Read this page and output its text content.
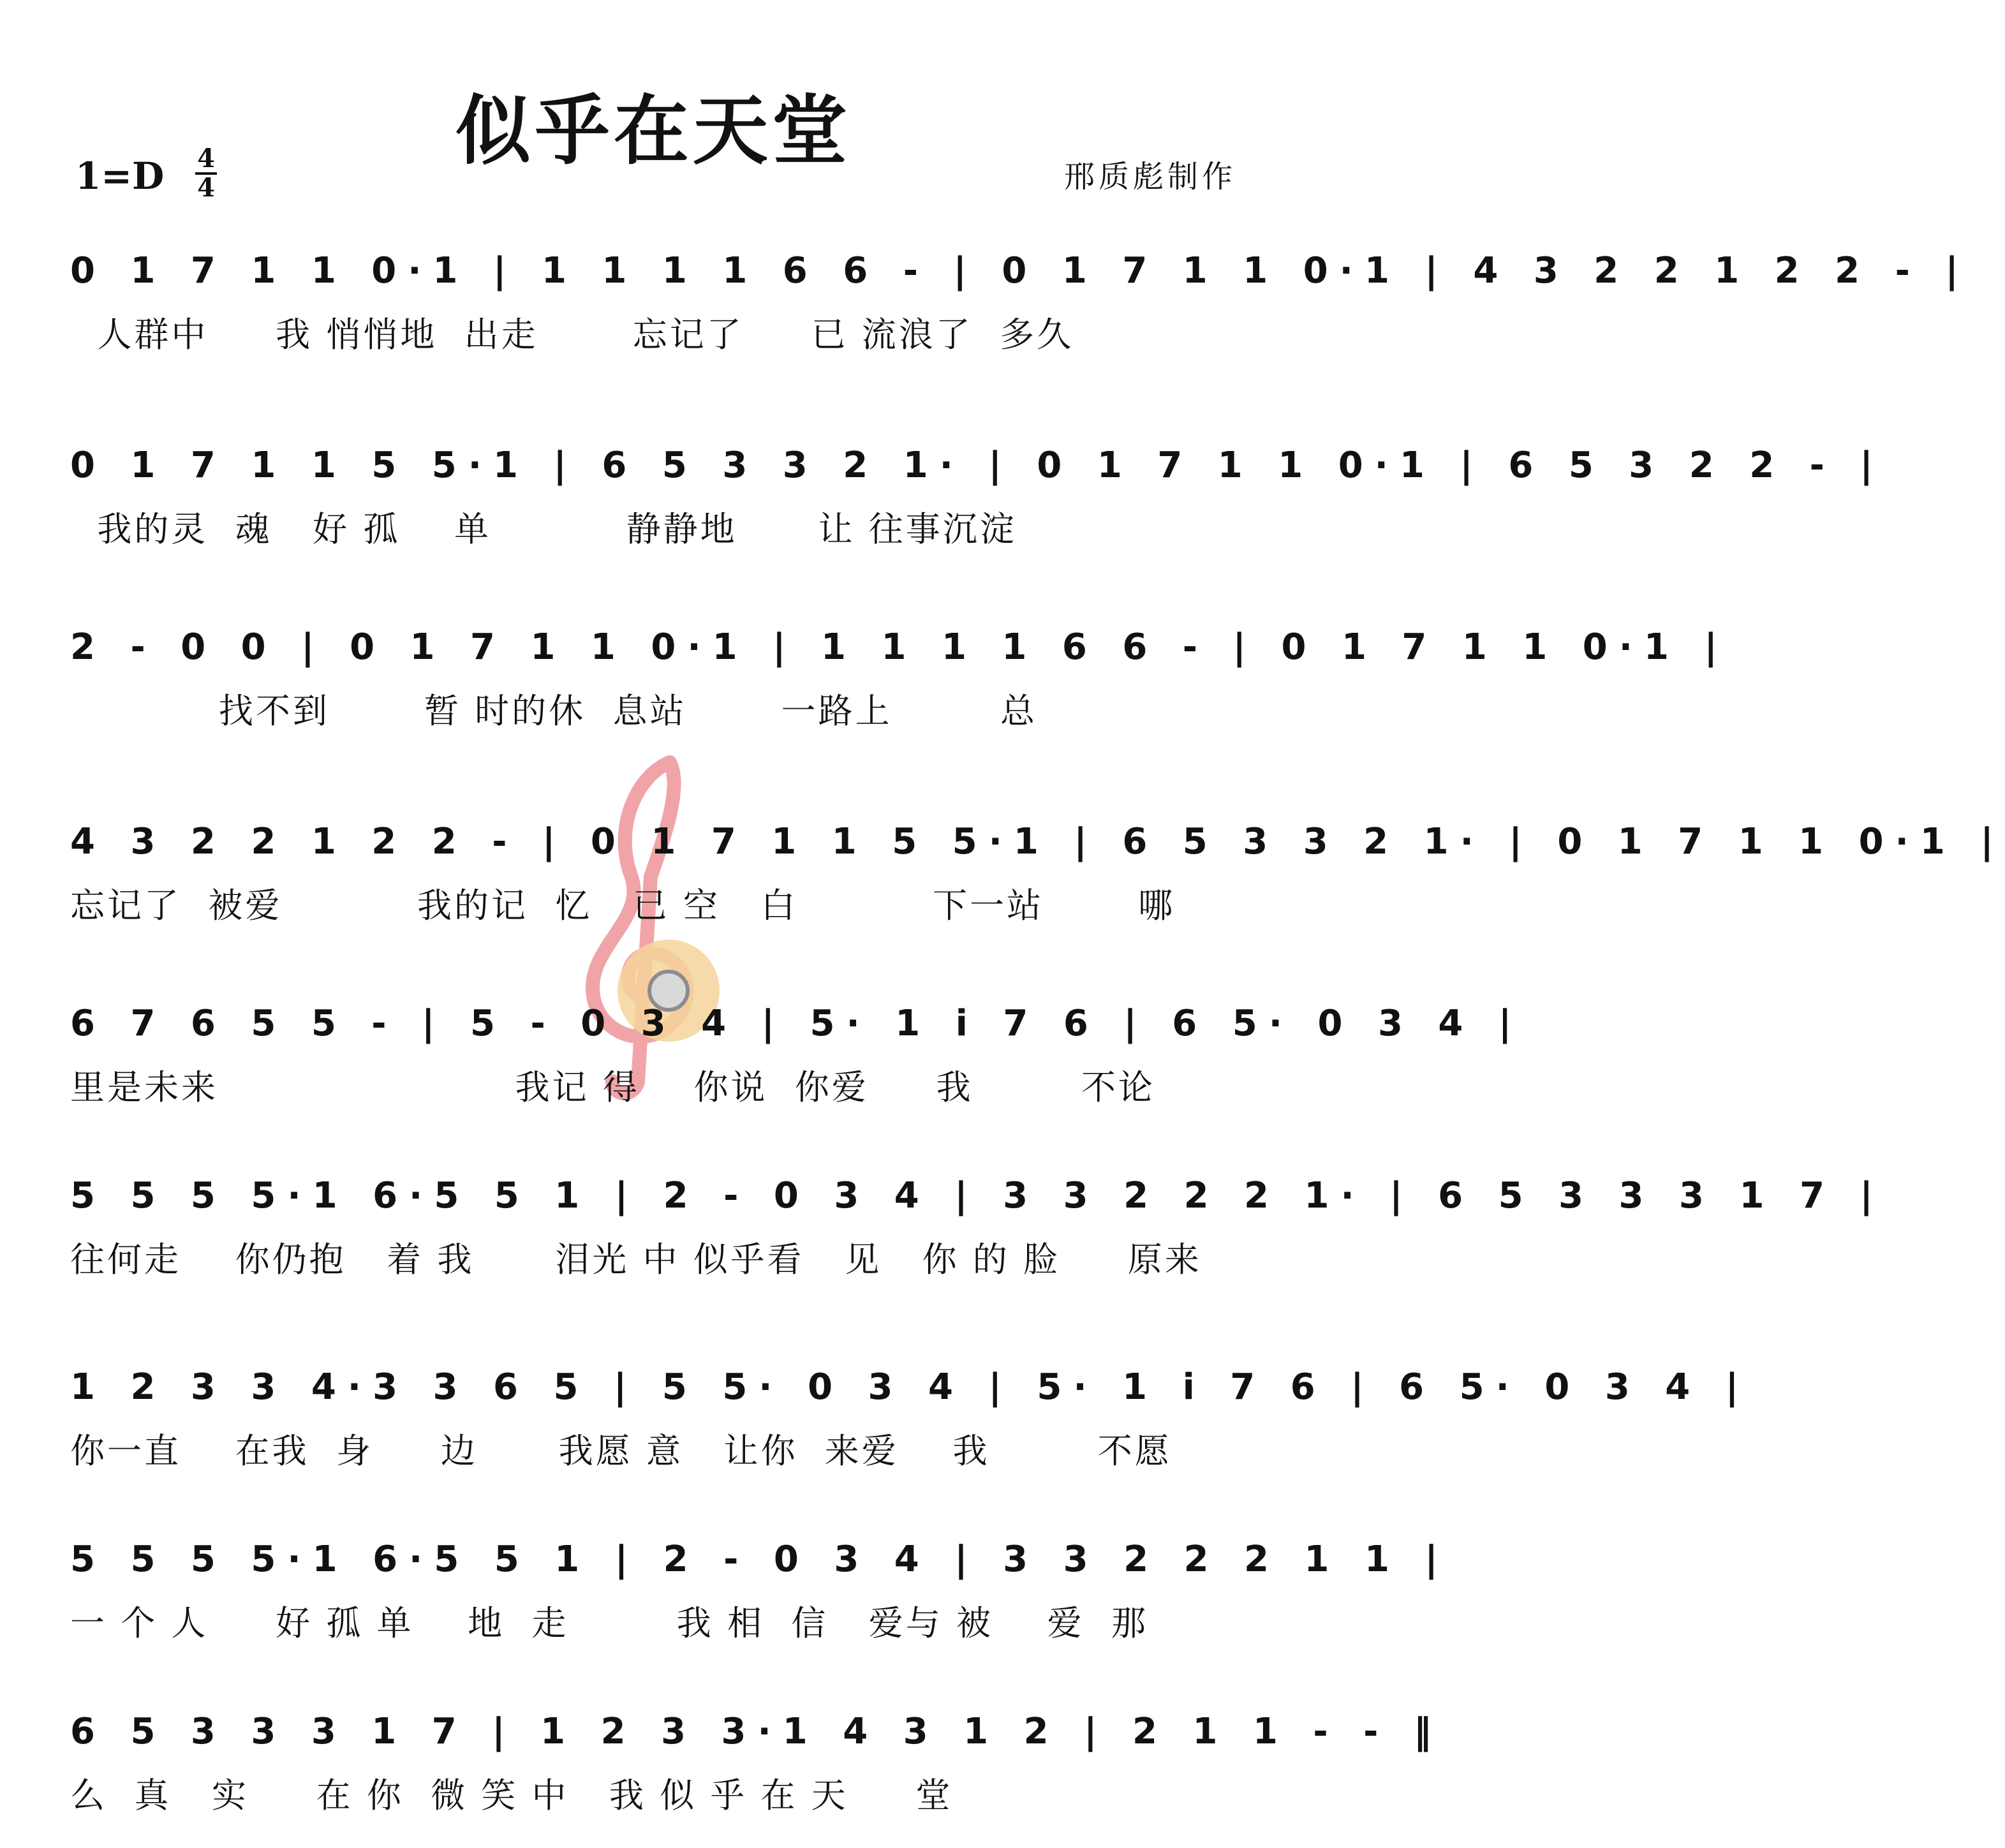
似乎在天堂
1=D 4
4	邢质彪制作
0 1 7 1 1 0·1 | 1 1 1 1 6 6 - | 0 1 7 1 1 0·1 | 4 3 2 2 1 2 2 - |
人群中     我 悄悄地  出走       忘记了     已 流浪了  多久
0 1 7 1 1 5 5·1 | 6 5 3 3 2 1· | 0 1 7 1 1 0·1 | 6 5 3 2 2 - |
我的灵  魂   好 孤    单          静静地      让 往事沉淀
2 - 0 0 | 0 1 7 1 1 0·1 | 1 1 1 1 6 6 - | 0 1 7 1 1 0·1 |
找不到       暂 时的休  息站       一路上        总
4 3 2 2 1 2 2 - | 0 1 7 1 1 5 5·1 | 6 5 3 3 2 1· | 0 1 7 1 1 0·1 |
忘记了  被爱          我的记  忆   已 空   白          下一站       哪
6 7 6 5 5 - | 5 - 0 3 4 | 5· 1 i 7 6 | 6 5· 0 3 4 |
里是未来                      我记 得    你说  你爱     我        不论
5 5 5 5·1 6·5 5 1 | 2 - 0 3 4 | 3 3 2 2 2 1· | 6 5 3 3 3 1 7 |
往何走    你仍抱   着 我      泪光 中 似乎看   见   你 的 脸     原来
1 2 3 3 4·3 3 6 5 | 5 5· 0 3 4 | 5· 1 i 7 6 | 6 5· 0 3 4 |
你一直    在我  身     边      我愿 意   让你  来爱    我        不愿
5 5 5 5·1 6·5 5 1 | 2 - 0 3 4 | 3 3 2 2 2 1 1 |
一 个 人     好 孤 单    地  走        我 相  信   爱与 被    爱  那
6 5 3 3 3 1 7 | 1 2 3 3·1 4 3 1 2 | 2 1 1 - - ‖
么  真   实     在 你  微 笑 中   我 似 乎 在 天     堂
